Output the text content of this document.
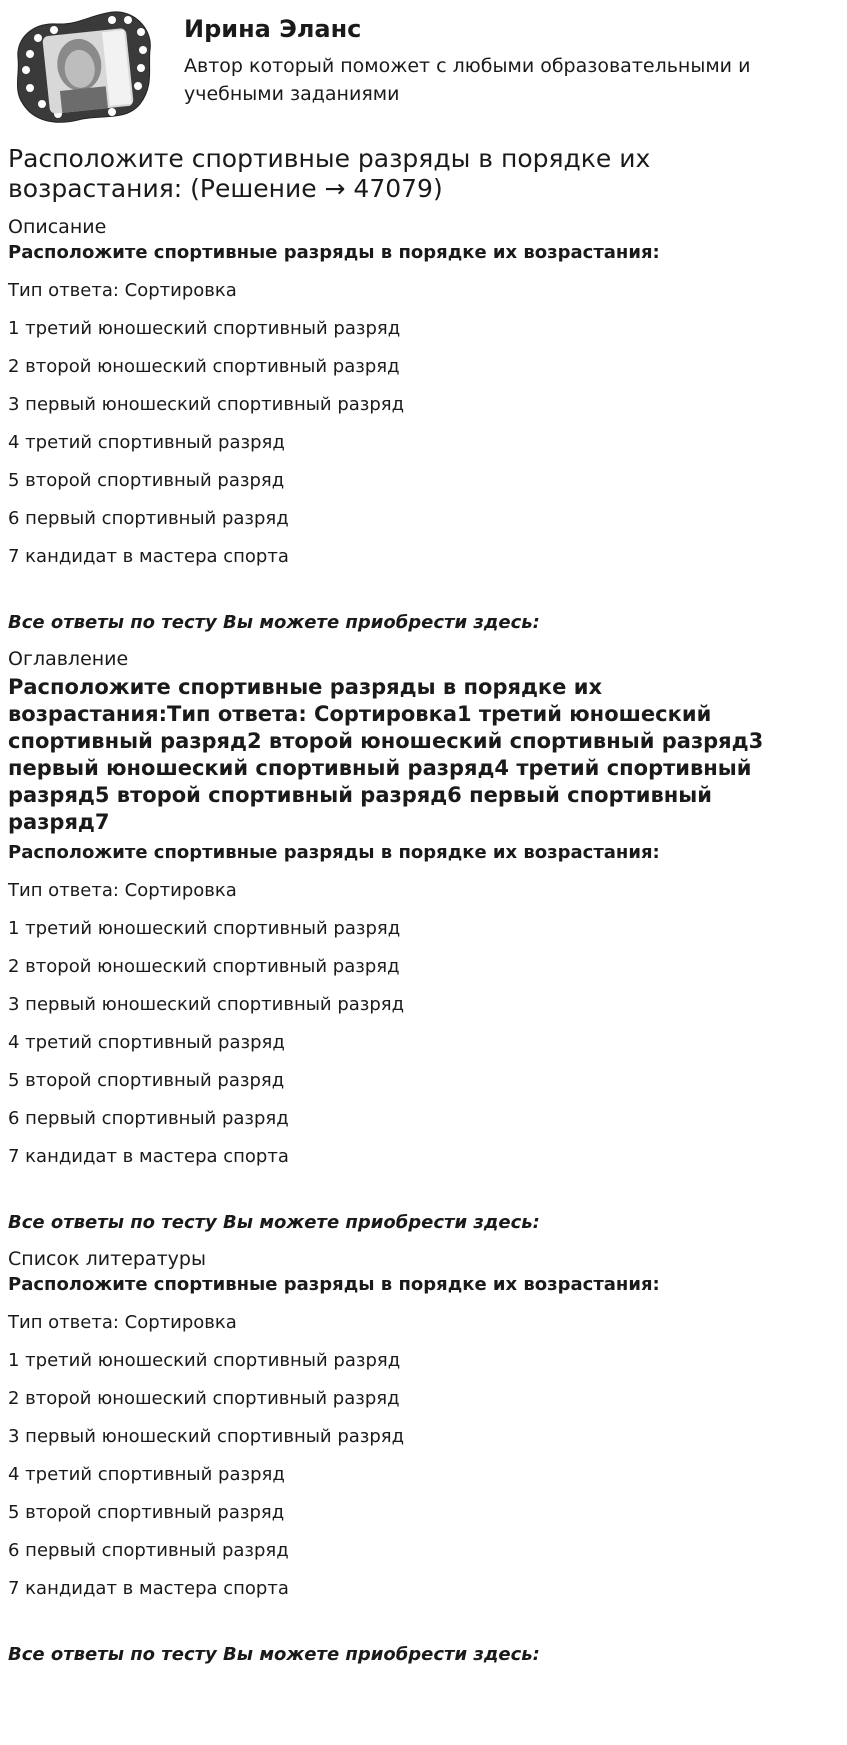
Ирина Эланс
Автор который поможет с любыми образовательными и учебными заданиями
Расположите спортивные разряды в порядке их возрастания: (Решение → 47079)
Описание
Расположите спортивные разряды в порядке их возрастания:
Тип ответа: Сортировка
1 третий юношеский спортивный разряд
2 второй юношеский спортивный разряд
3 первый юношеский спортивный разряд
4 третий спортивный разряд
5 второй спортивный разряд
6 первый спортивный разряд
7 кандидат в мастера спорта
Все ответы по тесту Вы можете приобрести здесь:
Оглавление
Расположите спортивные разряды в порядке их возрастания:Тип ответа: Сортировка1 третий юношеский спортивный разряд2 второй юношеский спортивный разряд3 первый юношеский спортивный разряд4 третий спортивный разряд5 второй спортивный разряд6 первый спортивный разряд7
Расположите спортивные разряды в порядке их возрастания:
Тип ответа: Сортировка
1 третий юношеский спортивный разряд
2 второй юношеский спортивный разряд
3 первый юношеский спортивный разряд
4 третий спортивный разряд
5 второй спортивный разряд
6 первый спортивный разряд
7 кандидат в мастера спорта
Все ответы по тесту Вы можете приобрести здесь:
Список литературы
Расположите спортивные разряды в порядке их возрастания:
Тип ответа: Сортировка
1 третий юношеский спортивный разряд
2 второй юношеский спортивный разряд
3 первый юношеский спортивный разряд
4 третий спортивный разряд
5 второй спортивный разряд
6 первый спортивный разряд
7 кандидат в мастера спорта
Все ответы по тесту Вы можете приобрести здесь:
